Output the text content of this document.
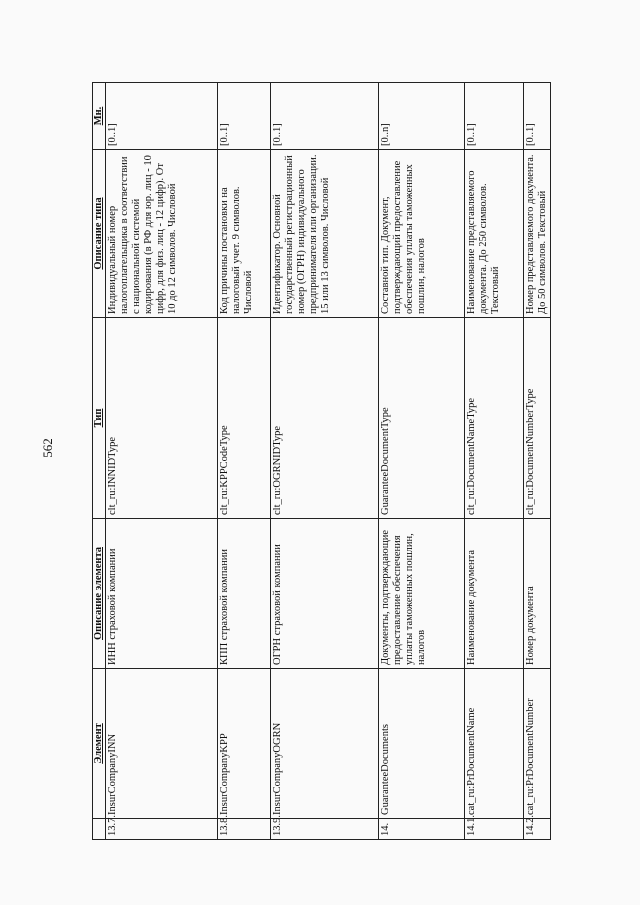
562
	Элемент	Описание элемента	Тип	Описание типа	Мн.
13.7.	InsurCompanyINN	ИНН страховой компании	clt_ru:INNIDType	Индивидуальный номер налогоплательщика в соответствии с национальной системой кодирования (в РФ для юр. лиц - 10 цифр, для физ. лиц - 12 цифр). От 10 до 12 символов. Числовой	[0..1]
13.8.	InsurCompanyKPP	КПП страховой компании	clt_ru:KPPCodeType	Код причины постановки на налоговый учет. 9 символов. Числовой	[0..1]
13.9.	InsurCompanyOGRN	ОГРН страховой компании	clt_ru:OGRNIDType	Идентификатор. Основной государственный регистрационный номер (ОГРН) индивидуального предпринимателя или организации. 15 или 13 символов. Числовой	[0..1]
14.	GuaranteeDocuments	Документы, подтверждающие предоставление обеспечения уплаты таможенных пошлин, налогов	GuaranteeDocumentType	Составной тип. Документ, подтверждающий предоставление обеспечения уплаты таможенных пошлин, налогов	[0..n]
14.1.	cat_ru:PrDocumentName	Наименование документа	clt_ru:DocumentNameType	Наименование представляемого документа. До 250 символов. Текстовый	[0..1]
14.2.	cat_ru:PrDocumentNumber	Номер документа	clt_ru:DocumentNumberType	Номер представляемого документа. До 50 символов. Текстовый	[0..1]
